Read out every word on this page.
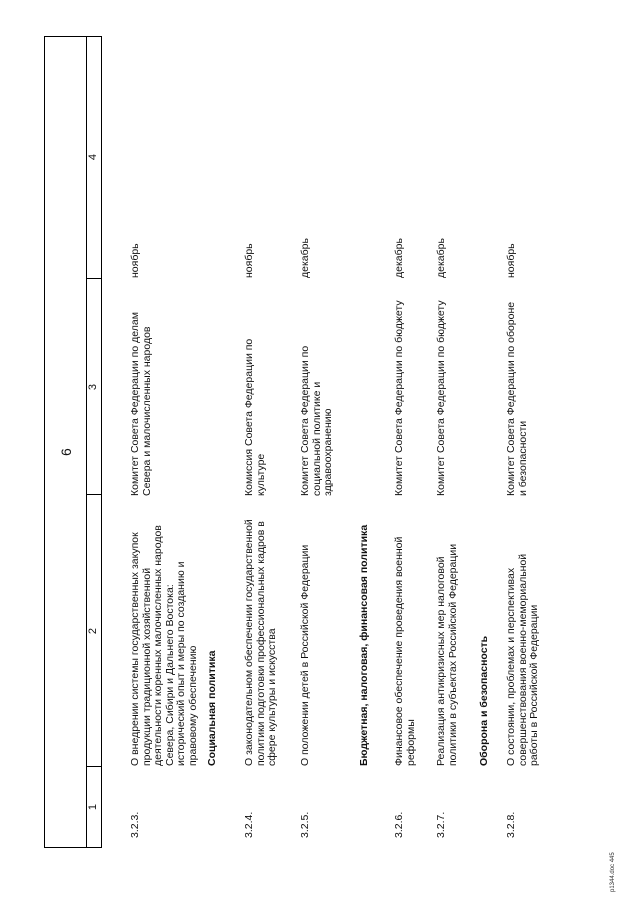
6
1
2
3
4
3.2.3.
О внедрении системы государственных закупок продукции традиционной хозяйственной деятельности коренных малочисленных народов Севера, Сибири и Дальнего Востока: исторический опыт и меры по созданию и правовому обеспечению
Комитет Совета Федерации по делам Севера и малочисленных народов
ноябрь
Социальная политика
3.2.4.
О законодательном обеспечении государственной политики подготовки профессиональных кадров в сфере культуры и искусства
Комиссия Совета Федерации по культуре
ноябрь
3.2.5.
О положении детей в Российской Федерации
Комитет Совета Федерации по социальной политике и здравоохранению
декабрь
Бюджетная, налоговая, финансовая политика
3.2.6.
Финансовое обеспечение проведения военной реформы
Комитет Совета Федерации по бюджету
декабрь
3.2.7.
Реализация антикризисных мер налоговой политики в субъектах Российской Федерации
Комитет Совета Федерации по бюджету
декабрь
Оборона и безопасность
3.2.8.
О состоянии, проблемах и перспективах совершенствования военно-мемориальной работы в Российской Федерации
Комитет Совета Федерации по обороне и безопасности
ноябрь
р1344.doc 445
